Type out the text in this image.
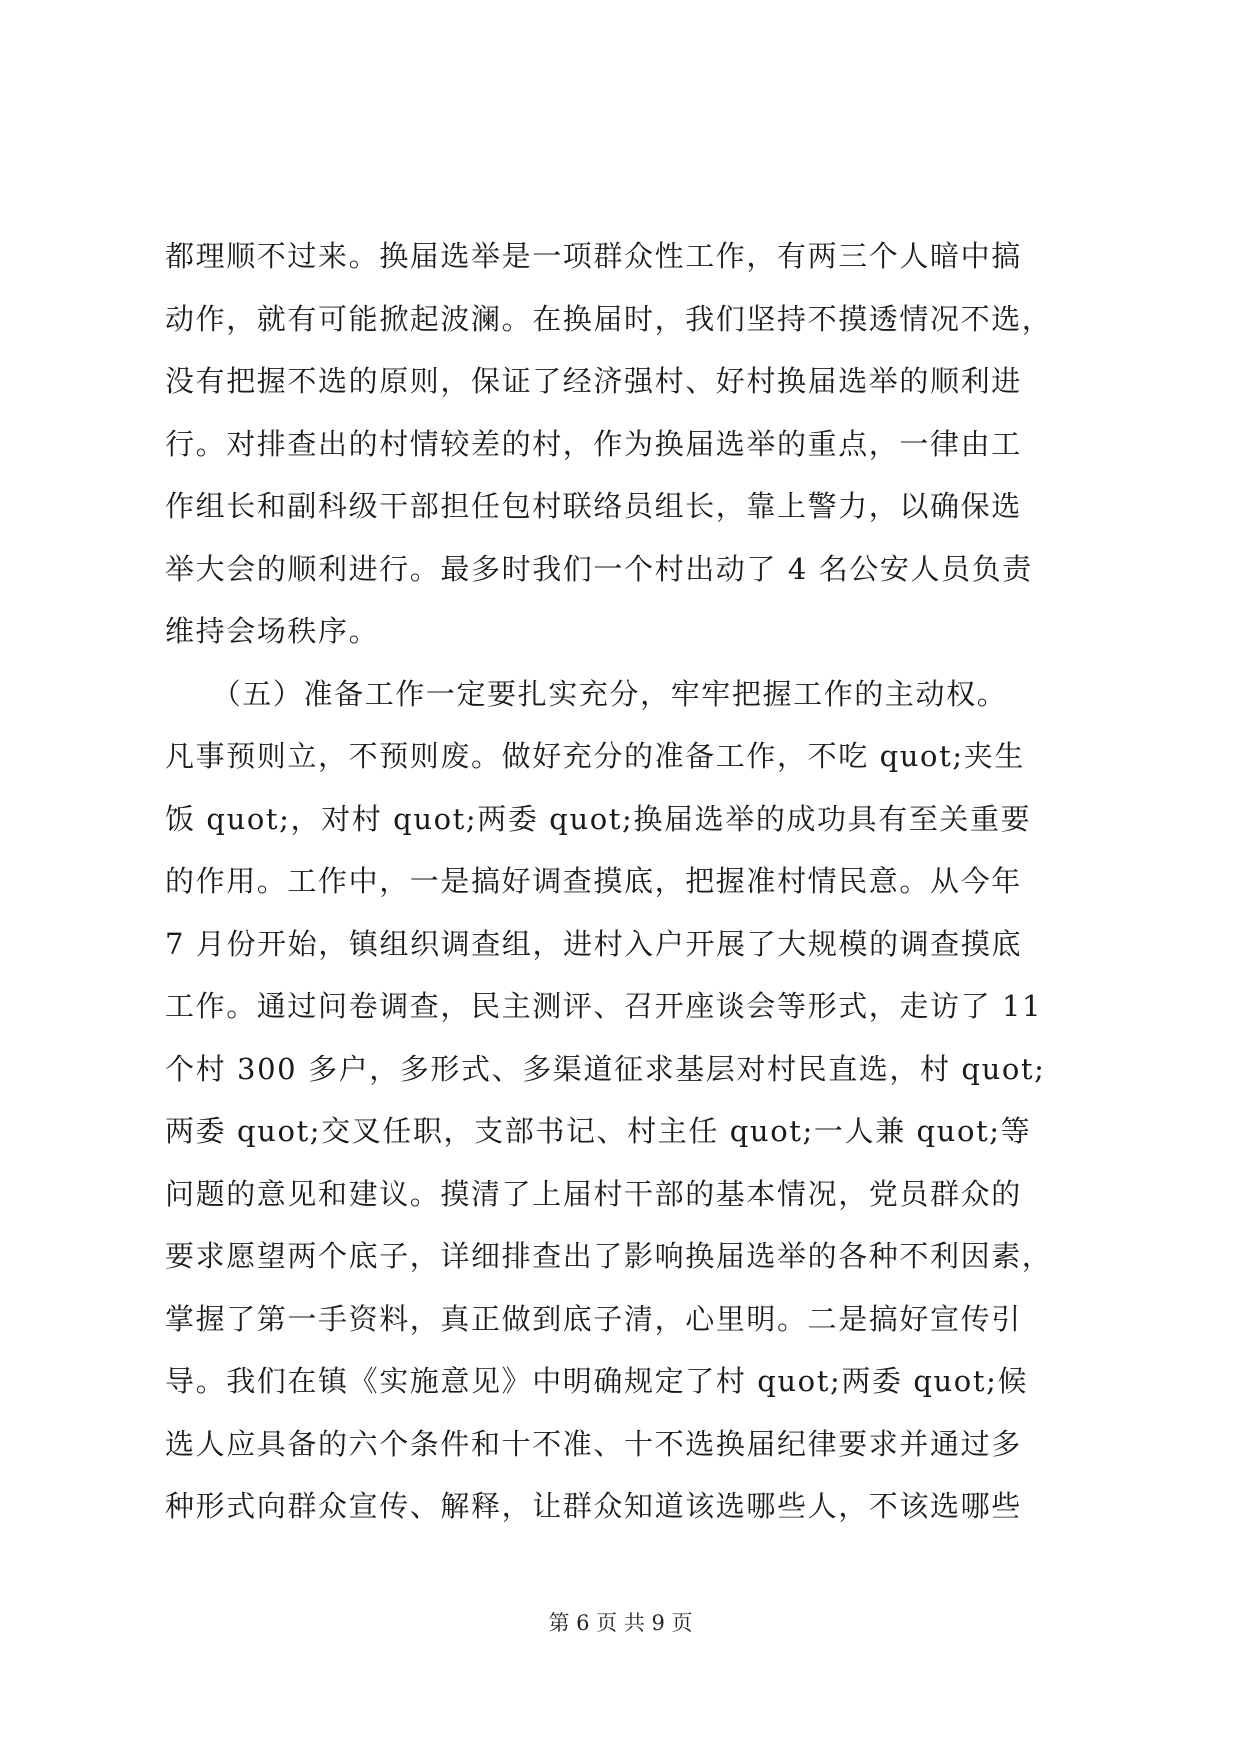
都理顺不过来。换届选举是一项群众性工作，有两三个人暗中搞
动作，就有可能掀起波澜。在换届时，我们坚持不摸透情况不选，
没有把握不选的原则，保证了经济强村、好村换届选举的顺利进
行。对排查出的村情较差的村，作为换届选举的重点，一律由工
作组长和副科级干部担任包村联络员组长，靠上警力，以确保选
举大会的顺利进行。最多时我们一个村出动了 4 名公安人员负责
维持会场秩序。
　　（五）准备工作一定要扎实充分，牢牢把握工作的主动权。
凡事预则立，不预则废。做好充分的准备工作，不吃 quot;夹生
饭 quot;，对村 quot;两委 quot;换届选举的成功具有至关重要
的作用。工作中，一是搞好调查摸底，把握准村情民意。从今年
7 月份开始，镇组织调查组，进村入户开展了大规模的调查摸底
工作。通过问卷调查，民主测评、召开座谈会等形式，走访了 11
个村 300 多户，多形式、多渠道征求基层对村民直选，村 quot;
两委 quot;交叉任职，支部书记、村主任 quot;一人兼 quot;等
问题的意见和建议。摸清了上届村干部的基本情况，党员群众的
要求愿望两个底子，详细排查出了影响换届选举的各种不利因素，
掌握了第一手资料，真正做到底子清，心里明。二是搞好宣传引
导。我们在镇《实施意见》中明确规定了村 quot;两委 quot;候
选人应具备的六个条件和十不准、十不选换届纪律要求并通过多
种形式向群众宣传、解释，让群众知道该选哪些人，不该选哪些
第 6 页 共 9 页
